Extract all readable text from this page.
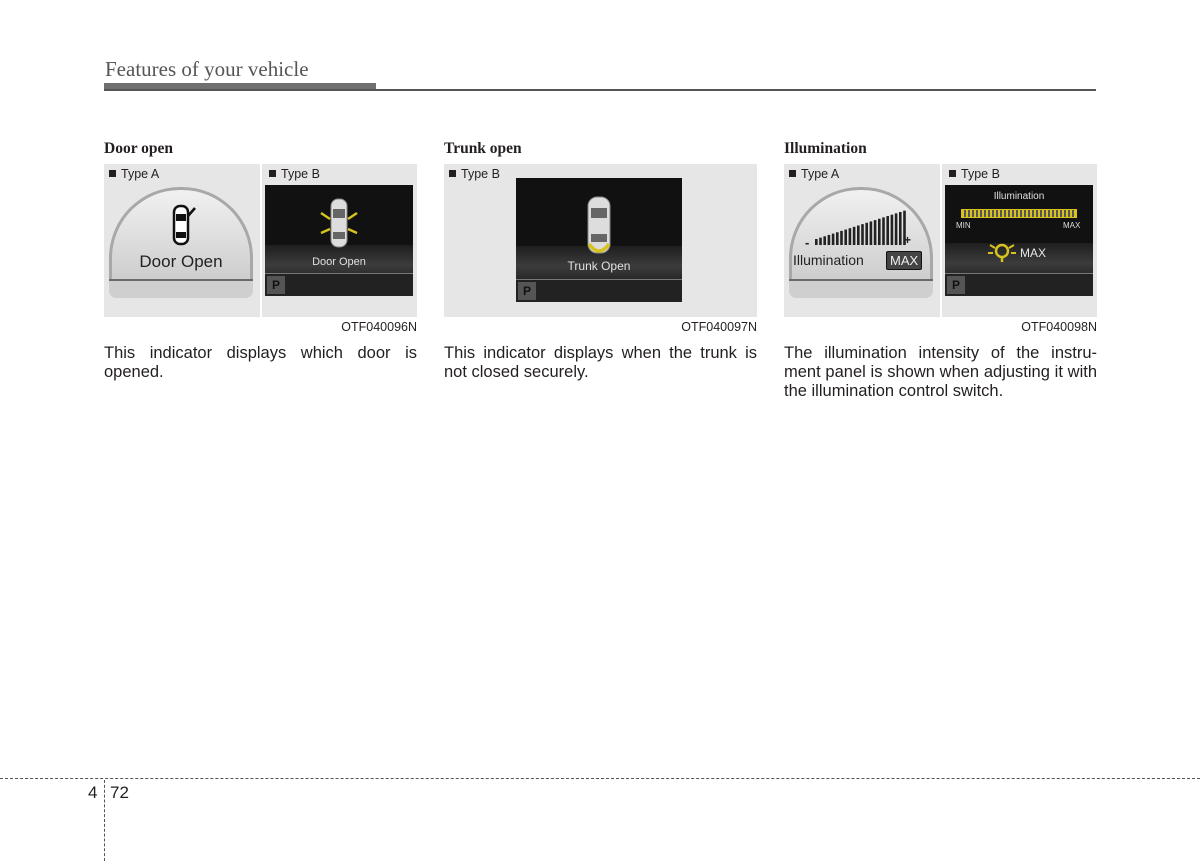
Features of your vehicle
Door open
Type A	Type B
Door Open	Door Open
P
OTF040096N

This indicator displays which door is opened.

Trunk open
Type B
Trunk Open
P
OTF040097N

This indicator displays when the trunk is not closed securely.

Illumination
Type A	Type B
-	+
Illumination	MAX
Illumination
MIN	MAX
MAX
P
OTF040098N

The illumination intensity of the instru-ment panel is shown when adjusting it with the illumination control switch.

4 72
